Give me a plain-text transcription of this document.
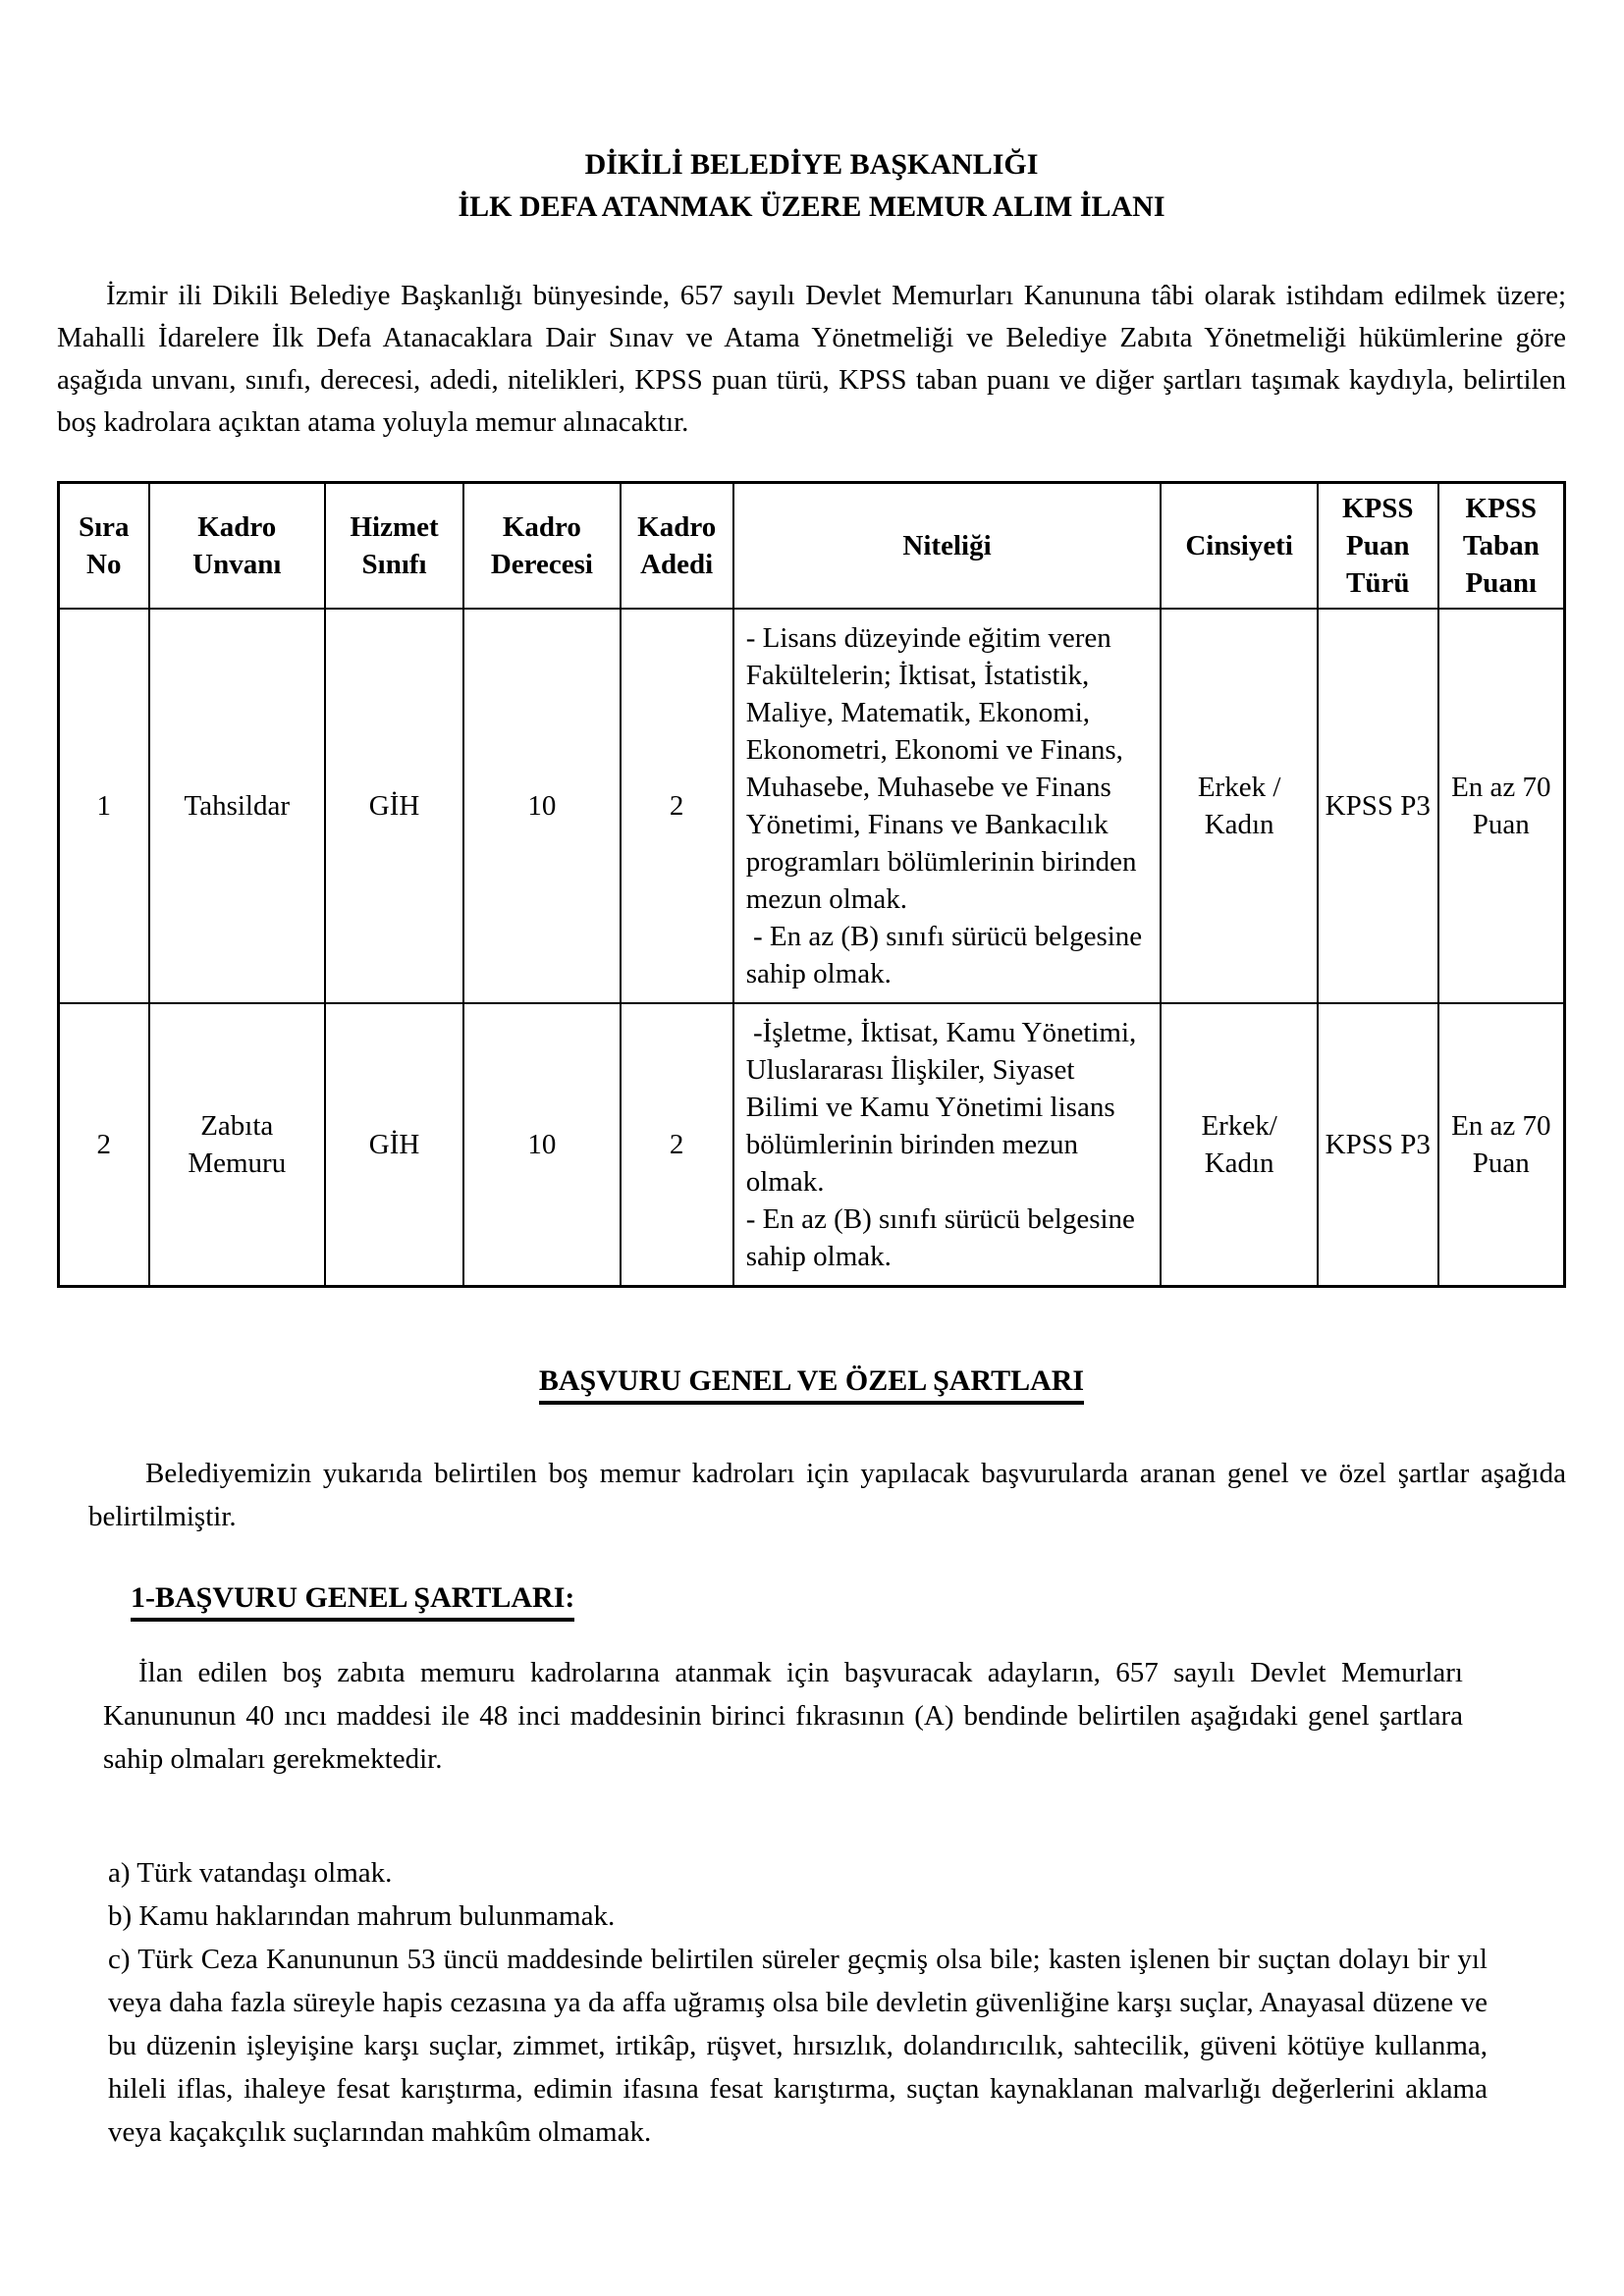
DİKİLİ BELEDİYE BAŞKANLIĞI
İLK DEFA ATANMAK ÜZERE MEMUR ALIM İLANI

İzmir ili Dikili Belediye Başkanlığı bünyesinde, 657 sayılı Devlet Memurları Kanununa tâbi olarak istihdam edilmek üzere; Mahalli İdarelere İlk Defa Atanacaklara Dair Sınav ve Atama Yönetmeliği ve Belediye Zabıta Yönetmeliği hükümlerine göre aşağıda unvanı, sınıfı, derecesi, adedi, nitelikleri, KPSS puan türü, KPSS taban puanı ve diğer şartları taşımak kaydıyla, belirtilen boş kadrolara açıktan atama yoluyla memur alınacaktır.

Sıra No	Kadro Unvanı	Hizmet Sınıfı	Kadro Derecesi	Kadro Adedi	Niteliği	Cinsiyeti	KPSS Puan Türü	KPSS Taban Puanı
1	Tahsildar	GİH	10	2	- Lisans düzeyinde eğitim veren Fakültelerin; İktisat, İstatistik, Maliye, Matematik, Ekonomi, Ekonometri, Ekonomi ve Finans, Muhasebe, Muhasebe ve Finans Yönetimi, Finans ve Bankacılık programları bölümlerinin birinden mezun olmak.
- En az (B) sınıfı sürücü belgesine sahip olmak.	Erkek / Kadın	KPSS P3	En az 70 Puan
2	Zabıta Memuru	GİH	10	2	-İşletme, İktisat, Kamu Yönetimi, Uluslararası İlişkiler, Siyaset Bilimi ve Kamu Yönetimi lisans bölümlerinin birinden mezun olmak.
- En az (B) sınıfı sürücü belgesine sahip olmak.	Erkek/ Kadın	KPSS P3	En az 70 Puan
BAŞVURU GENEL VE ÖZEL ŞARTLARI

Belediyemizin yukarıda belirtilen boş memur kadroları için yapılacak başvurularda aranan genel ve özel şartlar aşağıda belirtilmiştir.

1-BAŞVURU GENEL ŞARTLARI:

İlan edilen boş zabıta memuru kadrolarına atanmak için başvuracak adayların, 657 sayılı Devlet Memurları Kanununun 40 ıncı maddesi ile 48 inci maddesinin birinci fıkrasının (A) bendinde belirtilen aşağıdaki genel şartlara sahip olmaları gerekmektedir.

a) Türk vatandaşı olmak.
b) Kamu haklarından mahrum bulunmamak.
c) Türk Ceza Kanununun 53 üncü maddesinde belirtilen süreler geçmiş olsa bile; kasten işlenen bir suçtan dolayı bir yıl veya daha fazla süreyle hapis cezasına ya da affa uğramış olsa bile devletin güvenliğine karşı suçlar, Anayasal düzene ve bu düzenin işleyişine karşı suçlar, zimmet, irtikâp, rüşvet, hırsızlık, dolandırıcılık, sahtecilik, güveni kötüye kullanma, hileli iflas, ihaleye fesat karıştırma, edimin ifasına fesat karıştırma, suçtan kaynaklanan malvarlığı değerlerini aklama veya kaçakçılık suçlarından mahkûm olmamak.
